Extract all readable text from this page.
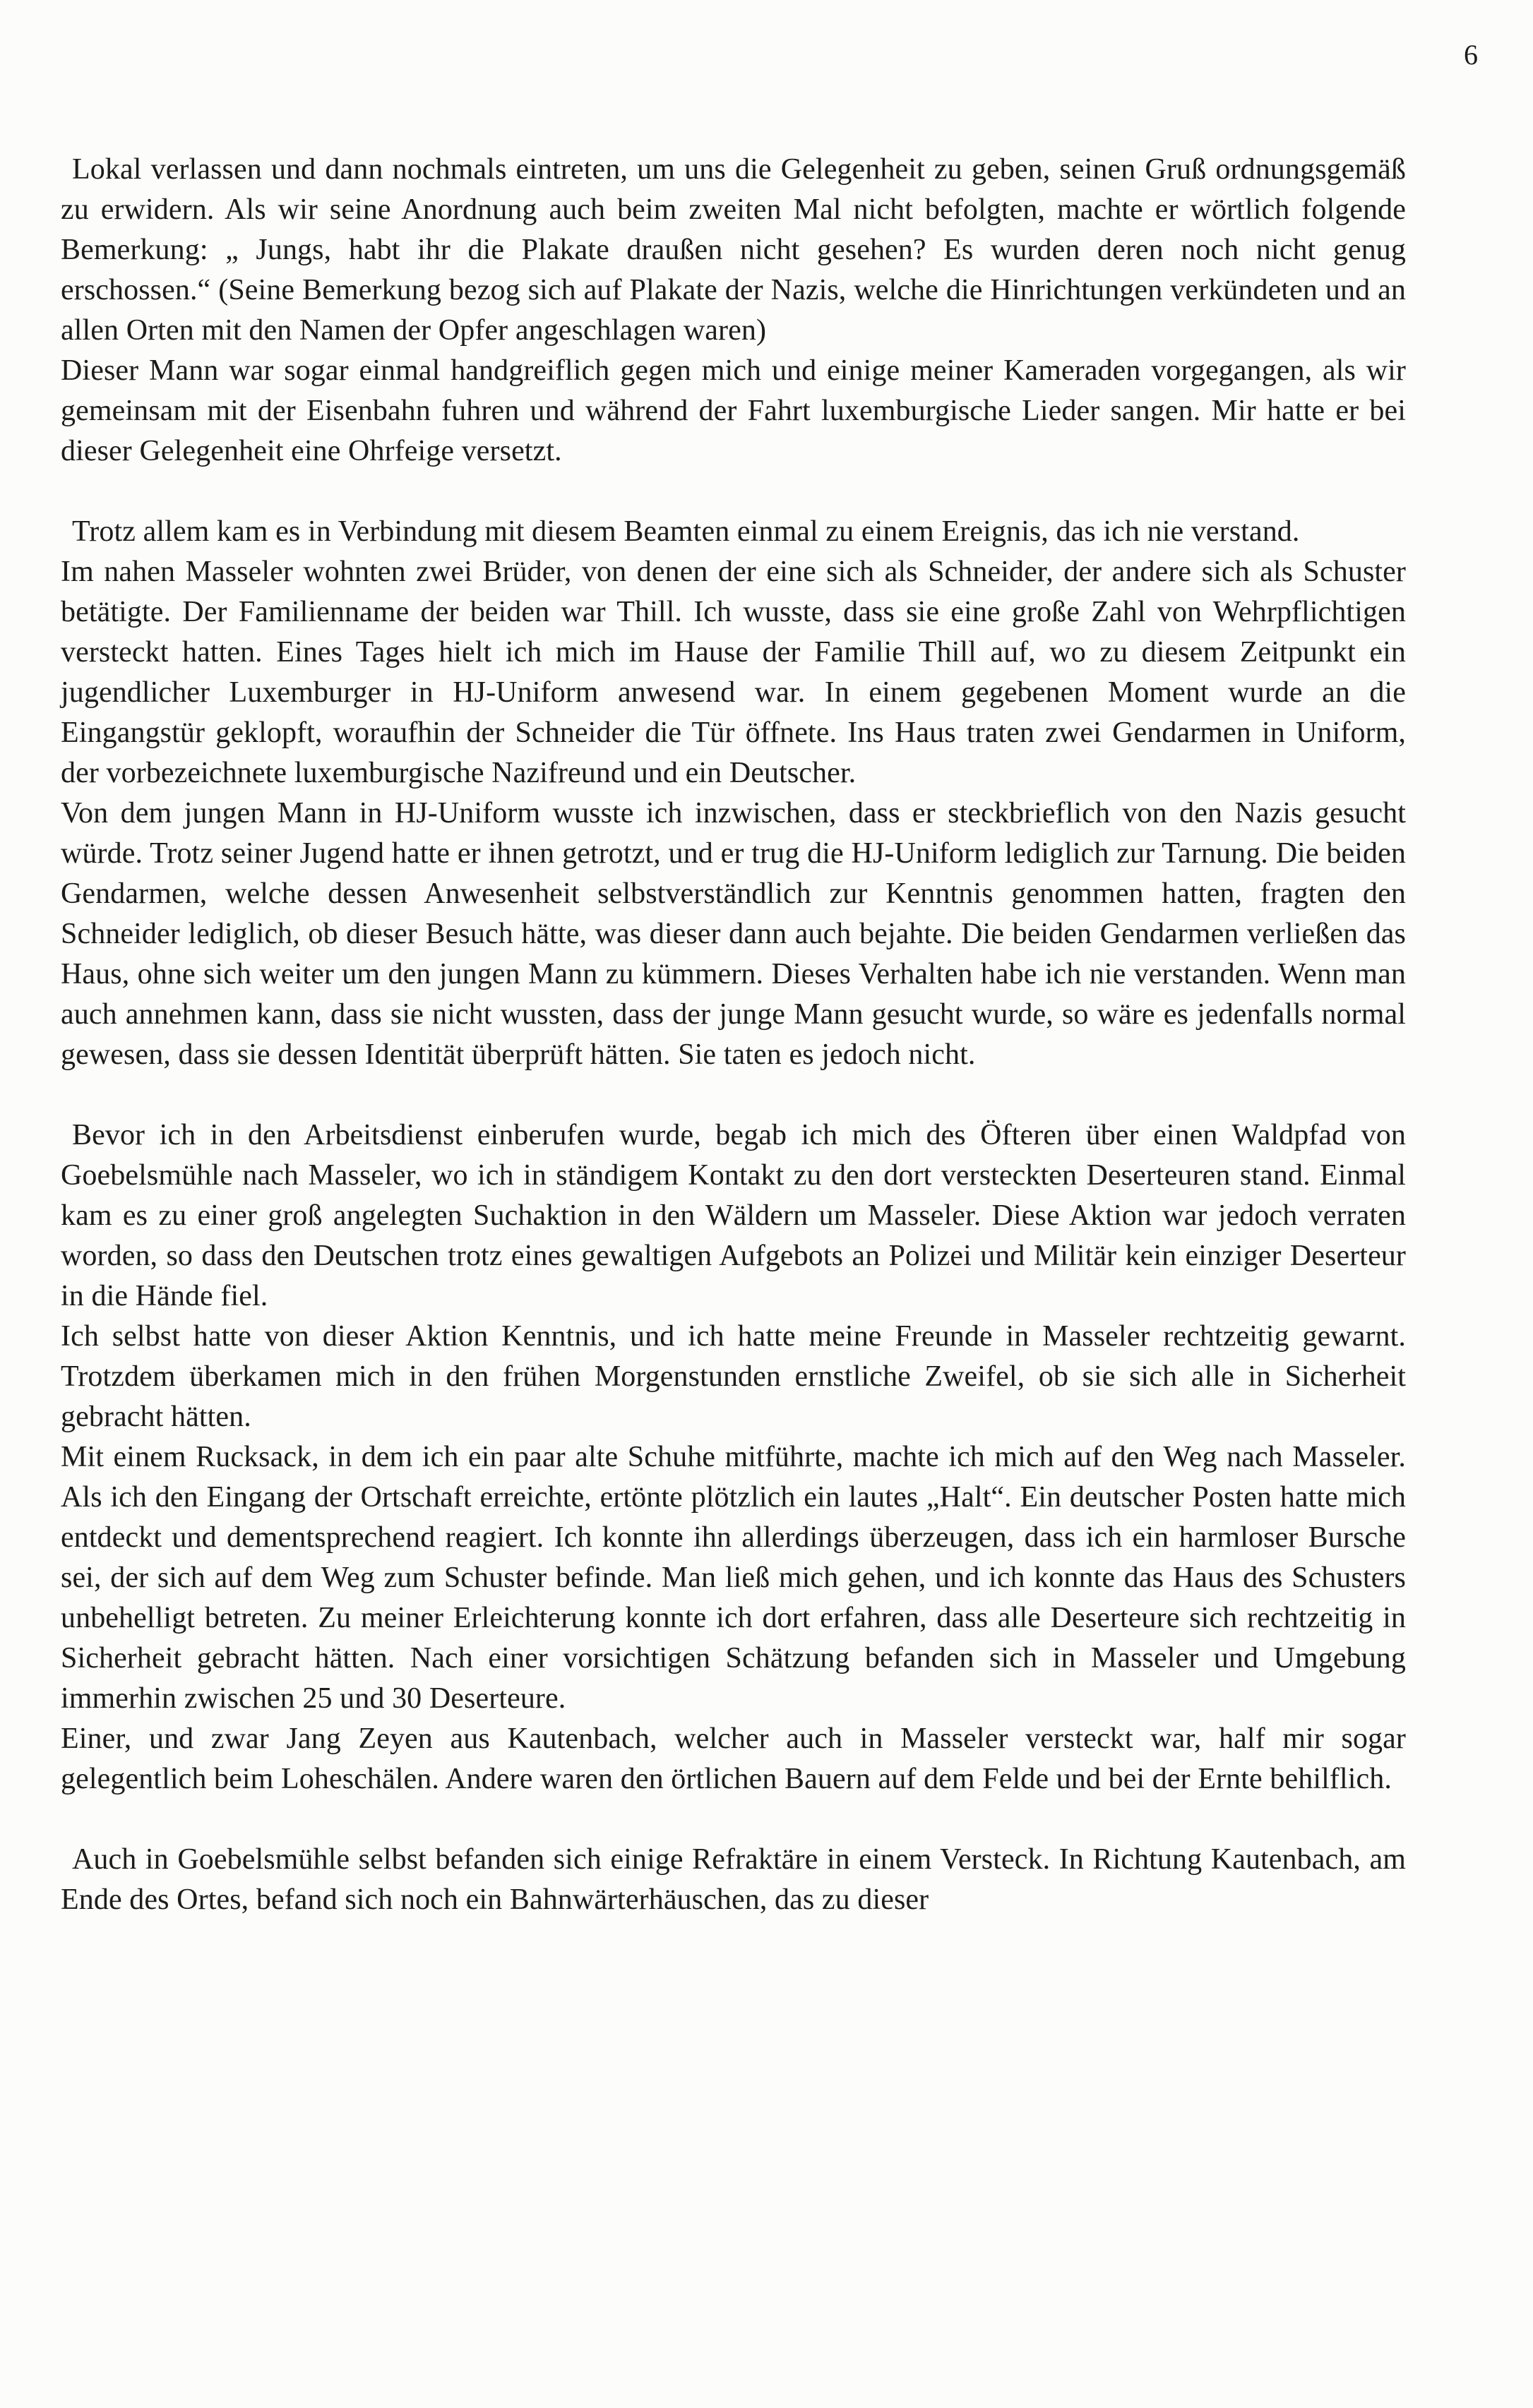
6

Lokal verlassen und dann nochmals eintreten, um uns die Gelegenheit zu geben, seinen Gruß ordnungsgemäß zu erwidern. Als wir seine Anordnung auch beim zweiten Mal nicht befolgten, machte er wörtlich folgende Bemerkung: „ Jungs, habt ihr die Plakate draußen nicht gesehen? Es wurden deren noch nicht genug erschossen.“ (Seine Bemerkung bezog sich auf Plakate der Nazis, welche die Hinrichtungen verkündeten und an allen Orten mit den Namen der Opfer angeschlagen waren)

Dieser Mann war sogar einmal handgreiflich gegen mich und einige meiner Kameraden vorgegangen, als wir gemeinsam mit der Eisenbahn fuhren und während der Fahrt luxemburgische Lieder sangen. Mir hatte er bei dieser Gelegenheit eine Ohrfeige versetzt.

Trotz allem kam es in Verbindung mit diesem Beamten einmal zu einem Ereignis, das ich nie verstand.

Im nahen Masseler wohnten zwei Brüder, von denen der eine sich als Schneider, der andere sich als Schuster betätigte. Der Familienname der beiden war Thill. Ich wusste, dass sie eine große Zahl von Wehrpflichtigen versteckt hatten. Eines Tages hielt ich mich im Hause der Familie Thill auf, wo zu diesem Zeitpunkt ein jugendlicher Luxemburger in HJ-Uniform anwesend war. In einem gegebenen Moment wurde an die Eingangstür geklopft, woraufhin der Schneider die Tür öffnete. Ins Haus traten zwei Gendarmen in Uniform, der vorbezeichnete luxemburgische Nazifreund und ein Deutscher.

Von dem jungen Mann in HJ-Uniform wusste ich inzwischen, dass er steckbrieflich von den Nazis gesucht würde. Trotz seiner Jugend hatte er ihnen getrotzt, und er trug die HJ-Uniform lediglich zur Tarnung. Die beiden Gendarmen, welche dessen Anwesenheit selbstverständlich zur Kenntnis genommen hatten, fragten den Schneider lediglich, ob dieser Besuch hätte, was dieser dann auch bejahte. Die beiden Gendarmen verließen das Haus, ohne sich weiter um den jungen Mann zu kümmern. Dieses Verhalten habe ich nie verstanden. Wenn man auch annehmen kann, dass sie nicht wussten, dass der junge Mann gesucht wurde, so wäre es jedenfalls normal gewesen, dass sie dessen Identität überprüft hätten. Sie taten es jedoch nicht.

Bevor ich in den Arbeitsdienst einberufen wurde, begab ich mich des Öfteren über einen Waldpfad von Goebelsmühle nach Masseler, wo ich in ständigem Kontakt zu den dort versteckten Deserteuren stand. Einmal kam es zu einer groß angelegten Suchaktion in den Wäldern um Masseler. Diese Aktion war jedoch verraten worden, so dass den Deutschen trotz eines gewaltigen Aufgebots an Polizei und Militär kein einziger Deserteur in die Hände fiel.

Ich selbst hatte von dieser Aktion Kenntnis, und ich hatte meine Freunde in Masseler rechtzeitig gewarnt. Trotzdem überkamen mich in den frühen Morgenstunden ernstliche Zweifel, ob sie sich alle in Sicherheit gebracht hätten.

Mit einem Rucksack, in dem ich ein paar alte Schuhe mitführte, machte ich mich auf den Weg nach Masseler. Als ich den Eingang der Ortschaft erreichte, ertönte plötzlich ein lautes „Halt“. Ein deutscher Posten hatte mich entdeckt und dementsprechend reagiert. Ich konnte ihn allerdings überzeugen, dass ich ein harmloser Bursche sei, der sich auf dem Weg zum Schuster befinde. Man ließ mich gehen, und ich konnte das Haus des Schusters unbehelligt betreten. Zu meiner Erleichterung konnte ich dort erfahren, dass alle Deserteure sich rechtzeitig in Sicherheit gebracht hätten. Nach einer vorsichtigen Schätzung befanden sich in Masseler und Umgebung immerhin zwischen 25 und 30 Deserteure.

Einer, und zwar Jang Zeyen aus Kautenbach, welcher auch in Masseler versteckt war, half mir sogar gelegentlich beim Loheschälen. Andere waren den örtlichen Bauern auf dem Felde und bei der Ernte behilflich.

Auch in Goebelsmühle selbst befanden sich einige Refraktäre in einem Versteck. In Richtung Kautenbach, am Ende des Ortes, befand sich noch ein Bahnwärterhäuschen, das zu dieser
